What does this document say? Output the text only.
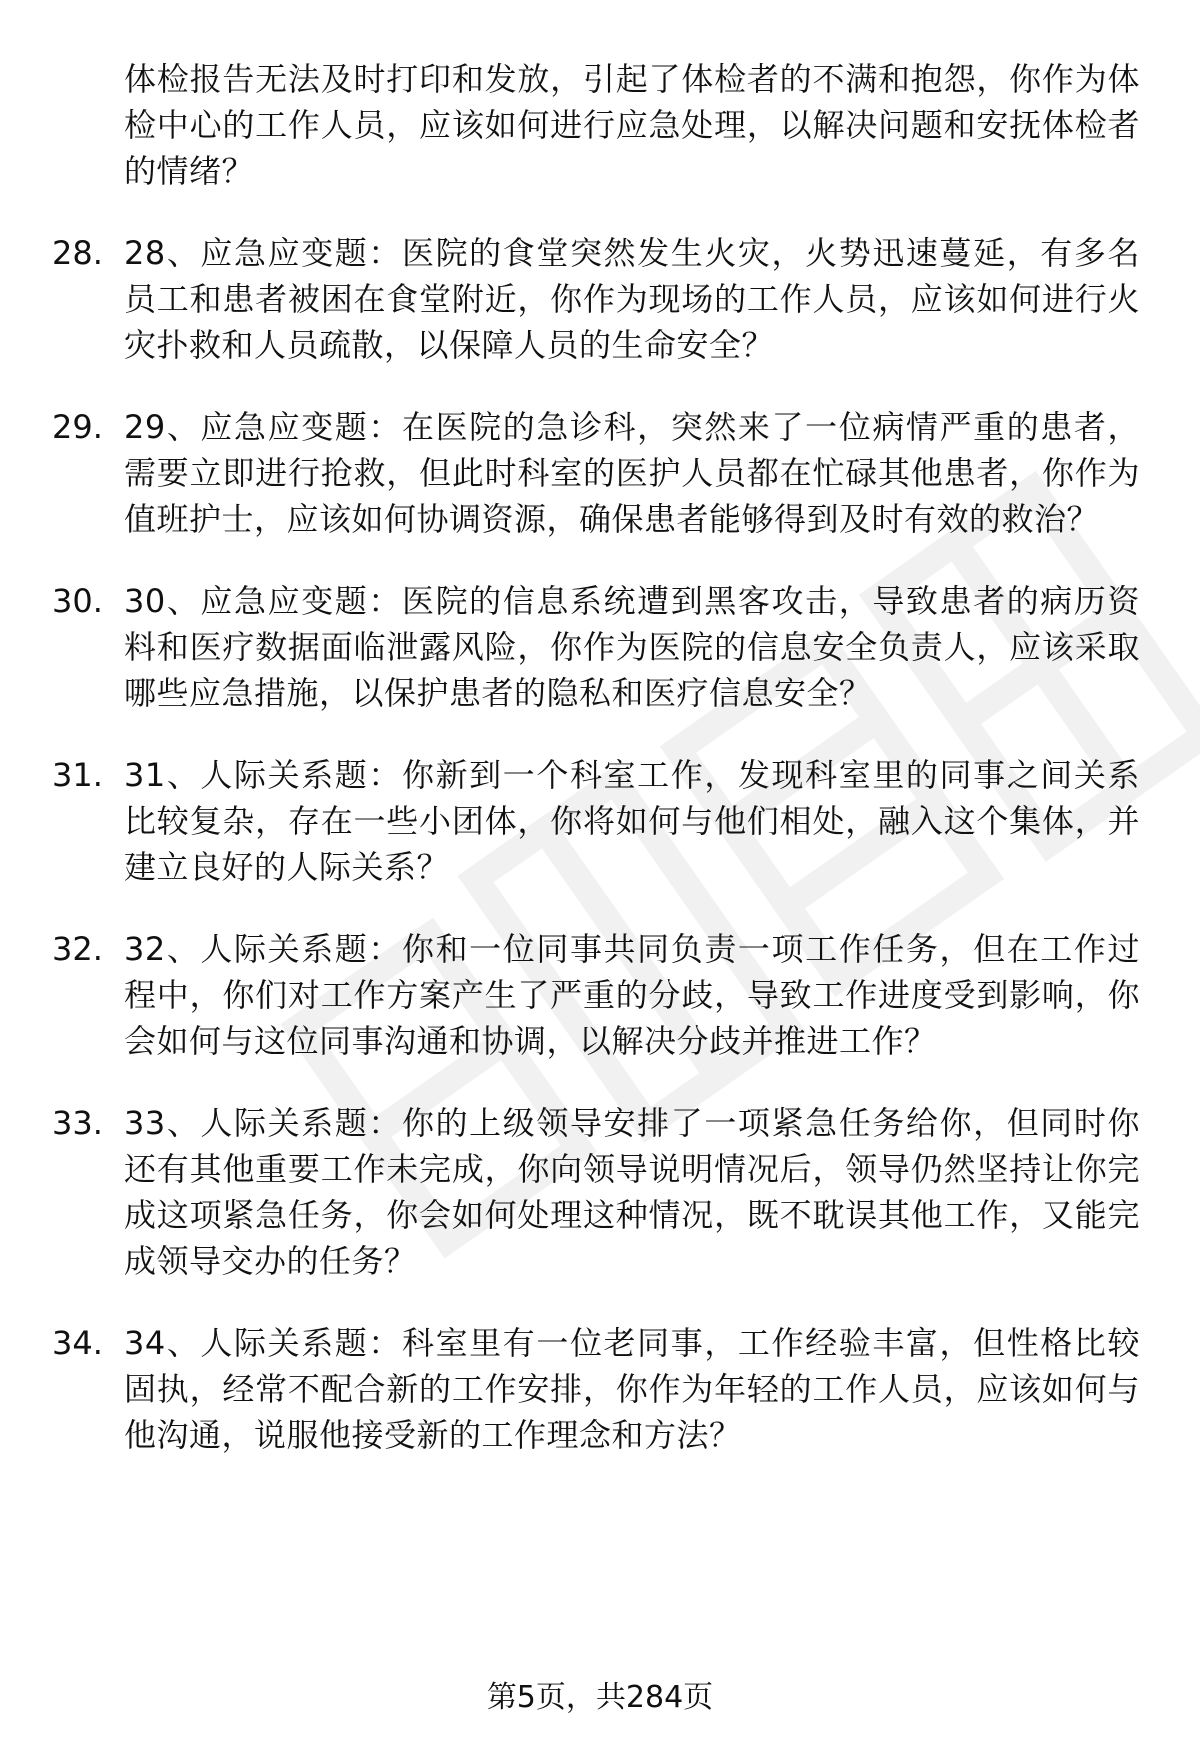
体检报告无法及时打印和发放，引起了体检者的不满和抱怨，你作为体检中心的工作人员，应该如何进行应急处理，以解决问题和安抚体检者的情绪？
28. 28、应急应变题：医院的食堂突然发生火灾，火势迅速蔓延，有多名员工和患者被困在食堂附近，你作为现场的工作人员，应该如何进行火灾扑救和人员疏散，以保障人员的生命安全？
29. 29、应急应变题：在医院的急诊科，突然来了一位病情严重的患者，需要立即进行抢救，但此时科室的医护人员都在忙碌其他患者，你作为值班护士，应该如何协调资源，确保患者能够得到及时有效的救治？
30. 30、应急应变题：医院的信息系统遭到黑客攻击，导致患者的病历资料和医疗数据面临泄露风险，你作为医院的信息安全负责人，应该采取哪些应急措施，以保护患者的隐私和医疗信息安全？
31. 31、人际关系题：你新到一个科室工作，发现科室里的同事之间关系比较复杂，存在一些小团体，你将如何与他们相处，融入这个集体，并建立良好的人际关系？
32. 32、人际关系题：你和一位同事共同负责一项工作任务，但在工作过程中，你们对工作方案产生了严重的分歧，导致工作进度受到影响，你会如何与这位同事沟通和协调，以解决分歧并推进工作？
33. 33、人际关系题：你的上级领导安排了一项紧急任务给你，但同时你还有其他重要工作未完成，你向领导说明情况后，领导仍然坚持让你完成这项紧急任务，你会如何处理这种情况，既不耽误其他工作，又能完成领导交办的任务？
34. 34、人际关系题：科室里有一位老同事，工作经验丰富，但性格比较固执，经常不配合新的工作安排，你作为年轻的工作人员，应该如何与他沟通，说服他接受新的工作理念和方法？
第5页，共284页
